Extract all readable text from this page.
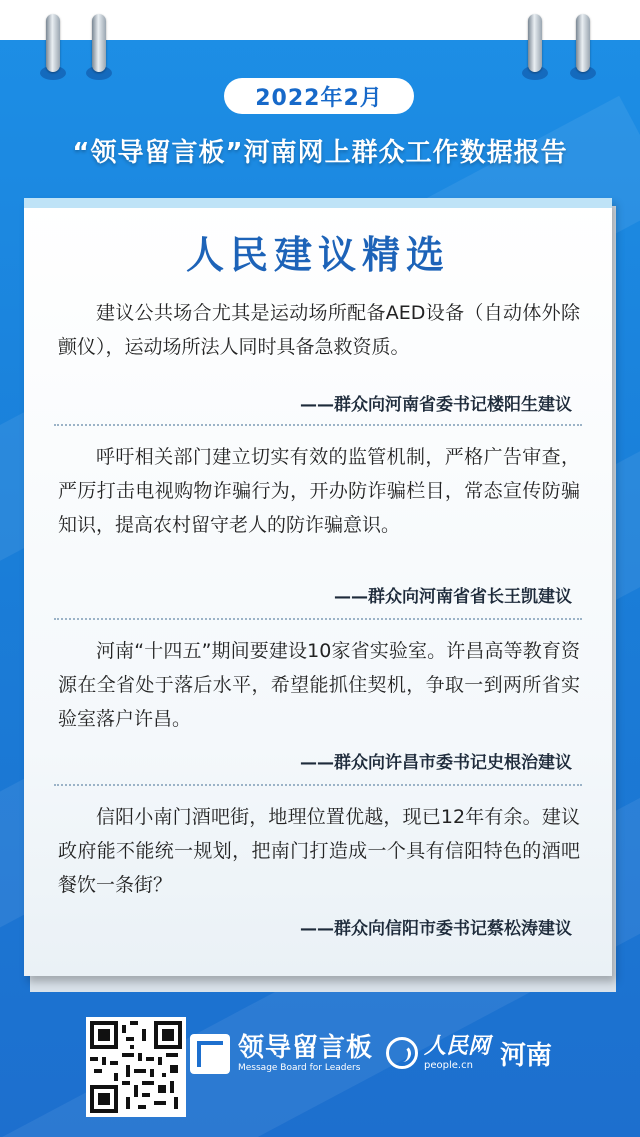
2022年2月
“领导留言板”河南网上群众工作数据报告
人民建议精选

建议公共场合尤其是运动场所配备AED设备（自动体外除颤仪），运动场所法人同时具备急救资质。

——群众向河南省委书记楼阳生建议

呼吁相关部门建立切实有效的监管机制，严格广告审查，严厉打击电视购物诈骗行为，开办防诈骗栏目，常态宣传防骗知识，提高农村留守老人的防诈骗意识。

——群众向河南省省长王凯建议

河南“十四五”期间要建设10家省实验室。许昌高等教育资源在全省处于落后水平，希望能抓住契机，争取一到两所省实验室落户许昌。

——群众向许昌市委书记史根治建议

信阳小南门酒吧街，地理位置优越，现已12年有余。建议政府能不能统一规划，把南门打造成一个具有信阳特色的酒吧餐饮一条街？

——群众向信阳市委书记蔡松涛建议
领导留言板
Message Board for Leaders
人民网
people.cn	河南
